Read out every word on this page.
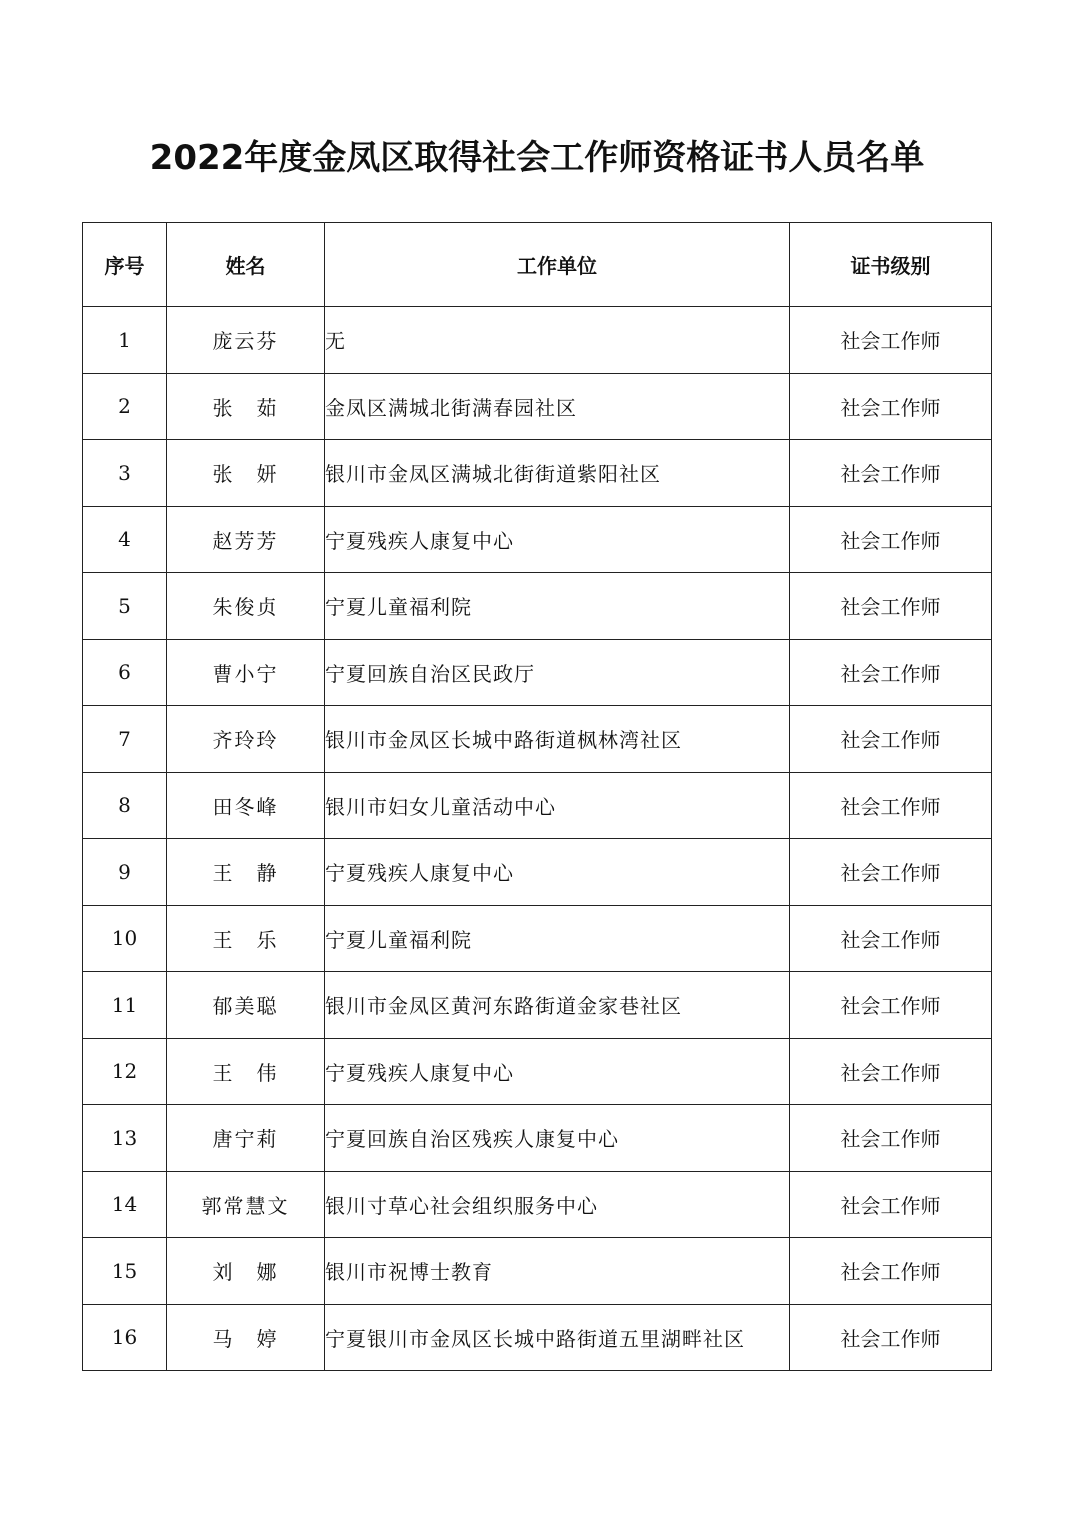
2022年度金凤区取得社会工作师资格证书人员名单
序号	姓名	工作单位	证书级别
1	庞云芬	无	社会工作师
2	张　茹	金凤区满城北街满春园社区	社会工作师
3	张　妍	银川市金凤区满城北街街道紫阳社区	社会工作师
4	赵芳芳	宁夏残疾人康复中心	社会工作师
5	朱俊贞	宁夏儿童福利院	社会工作师
6	曹小宁	宁夏回族自治区民政厅	社会工作师
7	齐玲玲	银川市金凤区长城中路街道枫林湾社区	社会工作师
8	田冬峰	银川市妇女儿童活动中心	社会工作师
9	王　静	宁夏残疾人康复中心	社会工作师
10	王　乐	宁夏儿童福利院	社会工作师
11	郁美聪	银川市金凤区黄河东路街道金家巷社区	社会工作师
12	王　伟	宁夏残疾人康复中心	社会工作师
13	唐宁莉	宁夏回族自治区残疾人康复中心	社会工作师
14	郭常慧文	银川寸草心社会组织服务中心	社会工作师
15	刘　娜	银川市祝博士教育	社会工作师
16	马　婷	宁夏银川市金凤区长城中路街道五里湖畔社区	社会工作师
